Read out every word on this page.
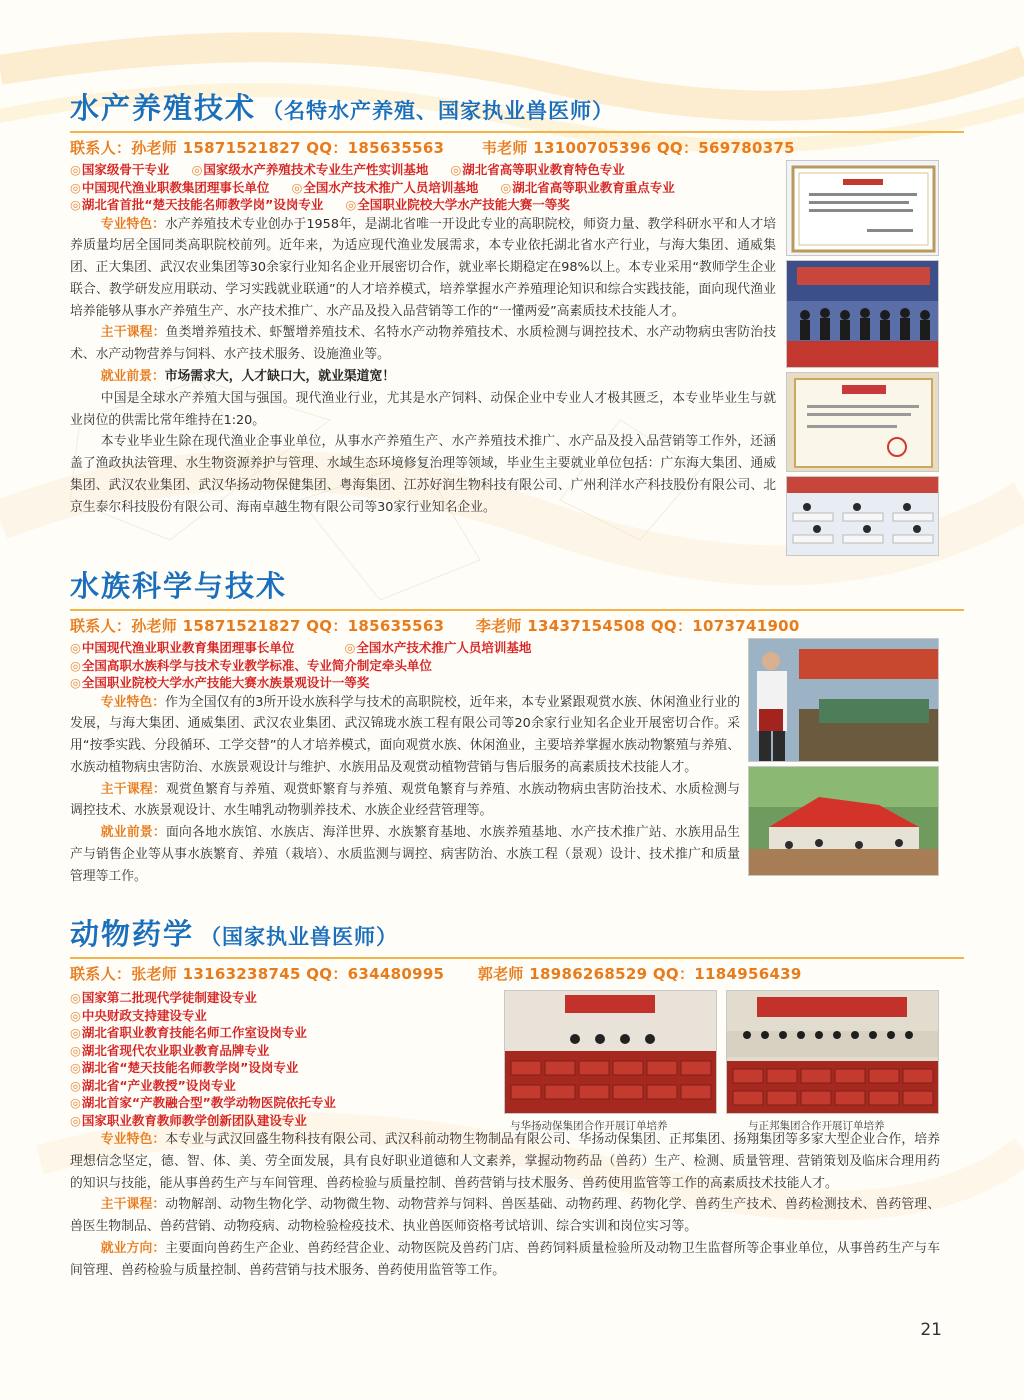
水产养殖技术 （名特水产养殖、国家执业兽医师）
联系人：孙老师 15871521827 QQ：185635563	韦老师 13100705396 QQ：569780375
◎ 国家级骨干专业	◎ 国家级水产养殖技术专业生产性实训基地	◎ 湖北省高等职业教育特色专业
◎ 中国现代渔业职教集团理事长单位	◎ 全国水产技术推广人员培训基地	◎ 湖北省高等职业教育重点专业
◎ 湖北省首批“楚天技能名师教学岗”设岗专业	◎ 全国职业院校大学水产技能大赛一等奖
专业特色：水产养殖技术专业创办于1958年，是湖北省唯一开设此专业的高职院校，师资力量、教学科研水平和人才培养质量均居全国同类高职院校前列。近年来，为适应现代渔业发展需求，本专业依托湖北省水产行业，与海大集团、通威集团、正大集团、武汉农业集团等30余家行业知名企业开展密切合作，就业率长期稳定在98%以上。本专业采用“教师学生企业联合、教学研发应用联动、学习实践就业联通”的人才培养模式，培养掌握水产养殖理论知识和综合实践技能，面向现代渔业培养能够从事水产养殖生产、水产技术推广、水产品及投入品营销等工作的“一懂两爱”高素质技术技能人才。
主干课程：鱼类增养殖技术、虾蟹增养殖技术、名特水产动物养殖技术、水质检测与调控技术、水产动物病虫害防治技术、水产动物营养与饲料、水产技术服务、设施渔业等。
就业前景：市场需求大，人才缺口大，就业渠道宽！
中国是全球水产养殖大国与强国。现代渔业行业，尤其是水产饲料、动保企业中专业人才极其匮乏，本专业毕业生与就业岗位的供需比常年维持在1:20。
本专业毕业生除在现代渔业企事业单位，从事水产养殖生产、水产养殖技术推广、水产品及投入品营销等工作外，还涵盖了渔政执法管理、水生物资源养护与管理、水域生态环境修复治理等领域，毕业生主要就业单位包括：广东海大集团、通威集团、武汉农业集团、武汉华扬动物保健集团、粤海集团、江苏好润生物科技有限公司、广州利洋水产科技股份有限公司、北京生泰尔科技股份有限公司、海南卓越生物有限公司等30家行业知名企业。
水族科学与技术
联系人：孙老师 15871521827 QQ：185635563 李老师 13437154508 QQ：1073741900
◎ 中国现代渔业职业教育集团理事长单位	◎ 全国水产技术推广人员培训基地
◎ 全国高职水族科学与技术专业教学标准、专业简介制定牵头单位
◎ 全国职业院校大学水产技能大赛水族景观设计一等奖
专业特色：作为全国仅有的3所开设水族科学与技术的高职院校，近年来，本专业紧跟观赏水族、休闲渔业行业的发展，与海大集团、通威集团、武汉农业集团、武汉锦珑水族工程有限公司等20余家行业知名企业开展密切合作。采用“按季实践、分段循环、工学交替”的人才培养模式，面向观赏水族、休闲渔业，主要培养掌握水族动物繁殖与养殖、水族动植物病虫害防治、水族景观设计与维护、水族用品及观赏动植物营销与售后服务的高素质技术技能人才。
主干课程：观赏鱼繁育与养殖、观赏虾繁育与养殖、观赏龟繁育与养殖、水族动物病虫害防治技术、水质检测与调控技术、水族景观设计、水生哺乳动物驯养技术、水族企业经营管理等。
就业前景：面向各地水族馆、水族店、海洋世界、水族繁育基地、水族养殖基地、水产技术推广站、水族用品生产与销售企业等从事水族繁育、养殖（栽培）、水质监测与调控、病害防治、水族工程（景观）设计、技术推广和质量管理等工作。
动物药学 （国家执业兽医师）
联系人：张老师 13163238745 QQ：634480995 郭老师 18986268529 QQ：1184956439
◎ 国家第二批现代学徒制建设专业
◎ 中央财政支持建设专业
◎ 湖北省职业教育技能名师工作室设岗专业
◎ 湖北省现代农业职业教育品牌专业
◎ 湖北省“楚天技能名师教学岗”设岗专业
◎ 湖北省“产业教授”设岗专业
◎ 湖北首家“产教融合型”教学动物医院依托专业
◎ 国家职业教育教师教学创新团队建设专业
专业特色：本专业与武汉回盛生物科技有限公司、武汉科前动物生物制品有限公司、华扬动保集团、正邦集团、扬翔集团等多家大型企业合作，培养理想信念坚定，德、智、体、美、劳全面发展，具有良好职业道德和人文素养，掌握动物药品（兽药）生产、检测、质量管理、营销策划及临床合理用药的知识与技能，能从事兽药生产与车间管理、兽药检验与质量控制、兽药营销与技术服务、兽药使用监管等工作的高素质技术技能人才。
主干课程：动物解剖、动物生物化学、动物微生物、动物营养与饲料、兽医基础、动物药理、药物化学、兽药生产技术、兽药检测技术、兽药管理、兽医生物制品、兽药营销、动物疫病、动物检验检疫技术、执业兽医师资格考试培训、综合实训和岗位实习等。
就业方向：主要面向兽药生产企业、兽药经营企业、动物医院及兽药门店、兽药饲料质量检验所及动物卫生监督所等企事业单位，从事兽药生产与车间管理、兽药检验与质量控制、兽药营销与技术服务、兽药使用监管等工作。
与华扬动保集团合作开展订单培养	与正邦集团合作开展订单培养
21
